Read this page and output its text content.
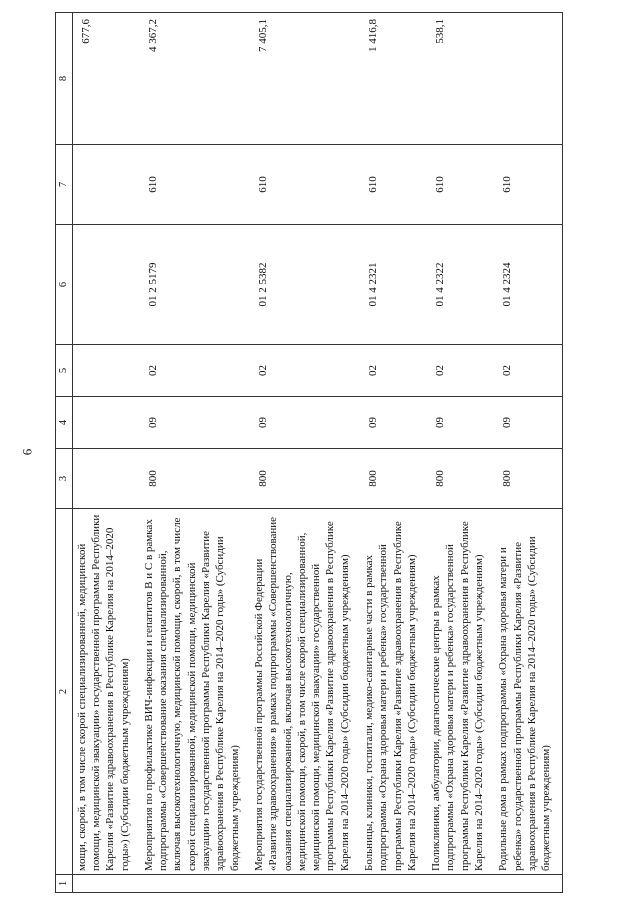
6
1	2	3	4	5	6	7	8
	мощи, скорой, в том числе скорой специализированной, медицинской помощи, медицинской эвакуации» государственной программы Республики Карелия «Развитие здравоохранения в Республике Карелия на 2014–2020 годы») (Субсидии бюджетным учреждениям)						677,6
	Мероприятия по профилактике ВИЧ-инфекции и гепатитов В и С в рамках подпрограммы «Совершенствование оказания специализированной, включая высокотехнологичную, медицинской помощи, скорой, в том числе скорой специализированной, медицинской помощи, медицинской эвакуации» государственной программы Республики Карелия «Развитие здравоохранения в Республике Карелия на 2014–2020 годы» (Субсидии бюджетным учреждениям)	800	09	02	01 2 5179	610	4 367,2
	Мероприятия государственной программы Российской Федерации «Развитие здравоохранения» в рамках подпрограммы «Совершенствование оказания специализированной, включая высокотехнологичную, медицинской помощи, скорой, в том числе скорой специализированной, медицинской помощи, медицинской эвакуации» государственной программы Республики Карелия «Развитие здравоохранения в Республике Карелия на 2014–2020 годы» (Субсидии бюджетным учреждениям)	800	09	02	01 2 5382	610	7 405,1
	Больницы, клиники, госпитали, медико-санитарные части в рамках подпрограммы «Охрана здоровья матери и ребенка» государственной программы Республики Карелия «Развитие здравоохранения в Республике Карелия на 2014–2020 годы» (Субсидии бюджетным учреждениям)	800	09	02	01 4 2321	610	1 416,8
	Поликлиники, амбулатории, диагностические центры в рамках подпрограммы «Охрана здоровья матери и ребенка» государственной программы Республики Карелия «Развитие здравоохранения в Республике Карелия на 2014–2020 годы» (Субсидии бюджетным учреждениям)	800	09	02	01 4 2322	610	538,1
	Родильные дома в рамках подпрограммы «Охрана здоровья матери и ребенка» государственной программы Республики Карелия «Развитие здравоохранения в Республике Карелия на 2014–2020 годы» (Субсидии бюджетным учреждениям)	800	09	02	01 4 2324	610	
